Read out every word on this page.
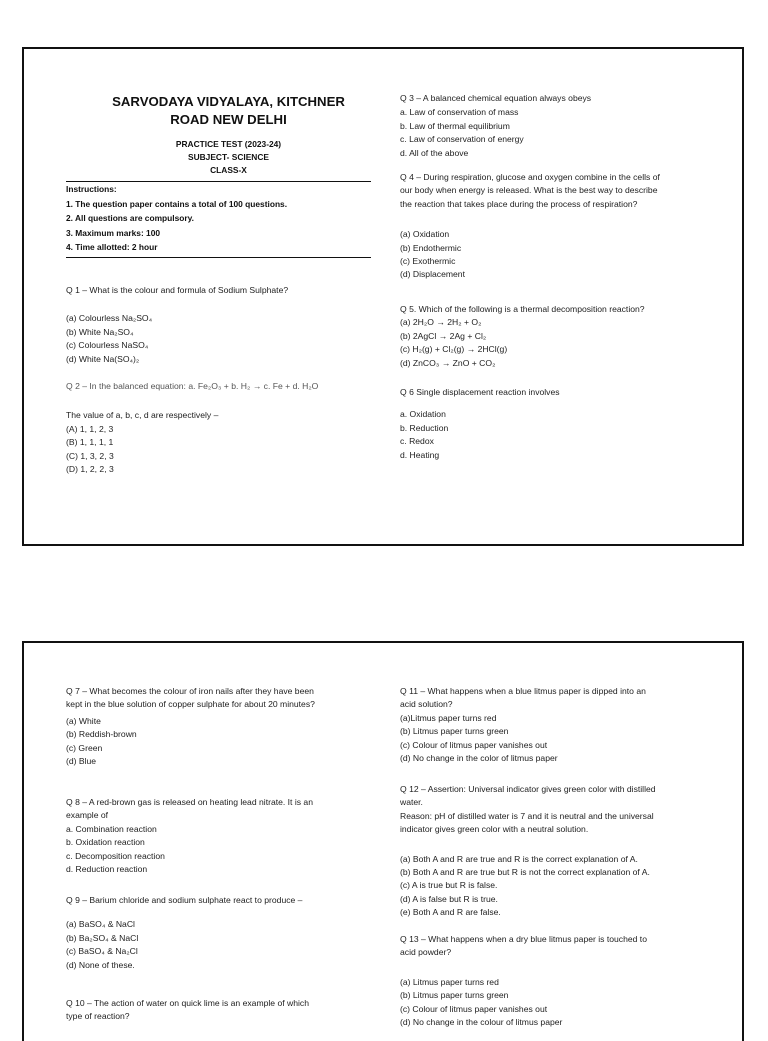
SARVODAYA VIDYALAYA, KITCHNER

ROAD NEW DELHI

PRACTICE TEST (2023-24)

SUBJECT- SCIENCE

CLASS-X

Instructions:

1. The question paper contains a total of 100 questions.

2. All questions are compulsory.

3. Maximum marks: 100

4. Time allotted: 2 hour

Q 1 – What is the colour and formula of Sodium Sulphate?

(a) Colourless Na₂SO₄

(b) White Na₂SO₄

(c) Colourless NaSO₄

(d) White Na(SO₄)₂

Q 2 – In the balanced equation: a. Fe₂O₃ + b. H₂ → c. Fe + d. H₂O

The value of a, b, c, d are respectively –

(A) 1, 1, 2, 3

(B) 1, 1, 1, 1

(C) 1, 3, 2, 3

(D) 1, 2, 2, 3

Q 3 – A balanced chemical equation always obeys

a. Law of conservation of mass

b. Law of thermal equilibrium

c. Law of conservation of energy

d. All of the above

Q 4 – During respiration, glucose and oxygen combine in the cells of

our body when energy is released. What is the best way to describe

the reaction that takes place during the process of respiration?

(a) Oxidation

(b) Endothermic

(c) Exothermic

(d) Displacement

Q 5. Which of the following is a thermal decomposition reaction?

(a) 2H₂O → 2H₂ + O₂

(b) 2AgCl → 2Ag + Cl₂

(c) H₂(g) + Cl₂(g) → 2HCl(g)

(d) ZnCO₃ → ZnO + CO₂

Q 6 Single displacement reaction involves

a. Oxidation

b. Reduction

c. Redox

d. Heating

Q 7 – What becomes the colour of iron nails after they have been

kept in the blue solution of copper sulphate for about 20 minutes?

(a) White

(b) Reddish-brown

(c) Green

(d) Blue

Q 8 – A red-brown gas is released on heating lead nitrate. It is an

example of

a. Combination reaction

b. Oxidation reaction

c. Decomposition reaction

d. Reduction reaction

Q 9 – Barium chloride and sodium sulphate react to produce –

(a) BaSO₄ & NaCl

(b) Ba₂SO₄ & NaCl

(c) BaSO₄ & Na₂Cl

(d) None of these.

Q 10 – The action of water on quick lime is an example of which

type of reaction?

Q 11 – What happens when a blue litmus paper is dipped into an

acid solution?

(a)Litmus paper turns red

(b) Litmus paper turns green

(c) Colour of litmus paper vanishes out

(d) No change in the color of litmus paper

Q 12 – Assertion: Universal indicator gives green color with distilled

water.

Reason: pH of distilled water is 7 and it is neutral and the universal

indicator gives green color with a neutral solution.

(a) Both A and R are true and R is the correct explanation of A.

(b) Both A and R are true but R is not the correct explanation of A.

(c) A is true but R is false.

(d) A is false but R is true.

(e) Both A and R are false.

Q 13 – What happens when a dry blue litmus paper is touched to

acid powder?

(a) Litmus paper turns red

(b) Litmus paper turns green

(c) Colour of litmus paper vanishes out

(d) No change in the colour of litmus paper
